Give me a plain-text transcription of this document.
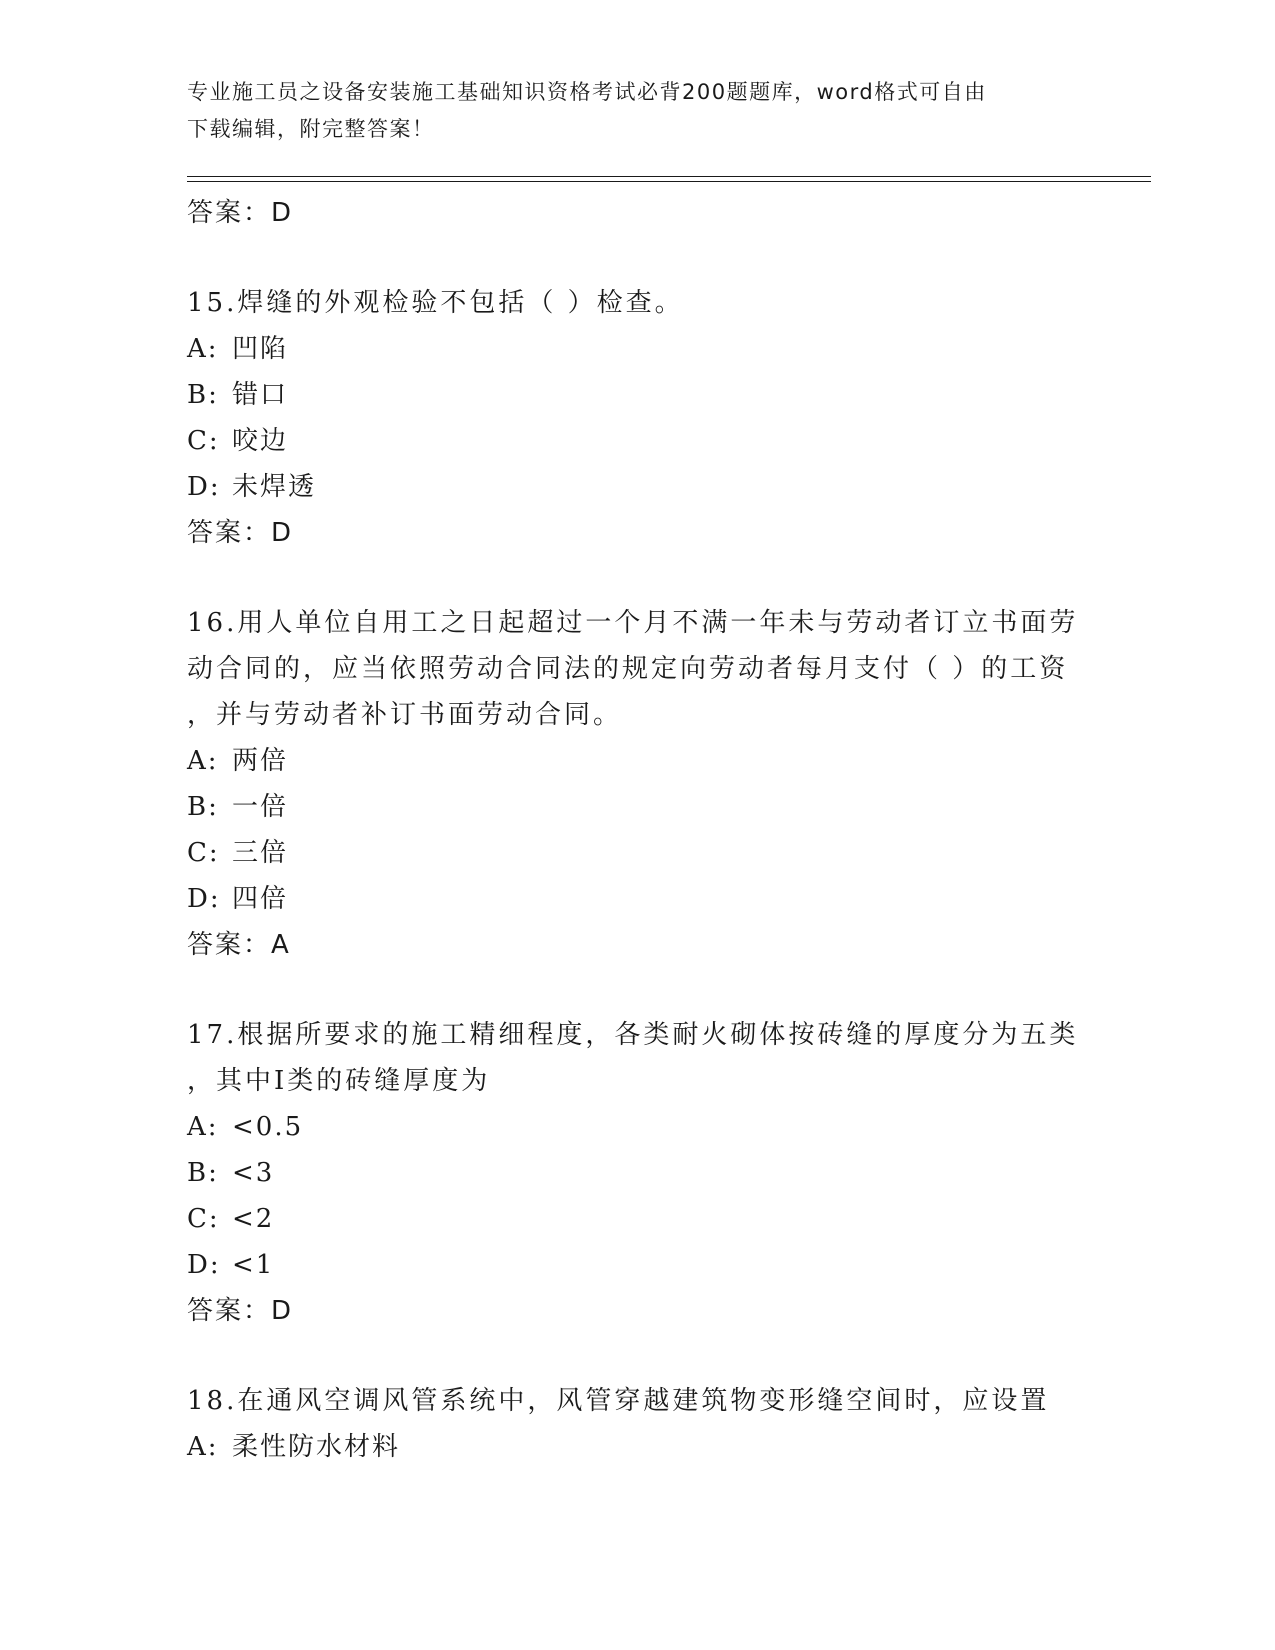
专业施工员之设备安装施工基础知识资格考试必背200题题库，word格式可自由
下载编辑，附完整答案！
答案：D
15.焊缝的外观检验不包括（ ）检查。
A: 凹陷
B: 错口
C: 咬边
D: 未焊透
答案：D
16.用人单位自用工之日起超过一个月不满一年未与劳动者订立书面劳
动合同的，应当依照劳动合同法的规定向劳动者每月支付（ ）的工资
，并与劳动者补订书面劳动合同。
A: 两倍
B: 一倍
C: 三倍
D: 四倍
答案：A
17.根据所要求的施工精细程度，各类耐火砌体按砖缝的厚度分为五类
，其中Ⅰ类的砖缝厚度为
A: <0.5
B: <3
C: <2
D: <1
答案：D
18.在通风空调风管系统中，风管穿越建筑物变形缝空间时，应设置
A: 柔性防水材料
